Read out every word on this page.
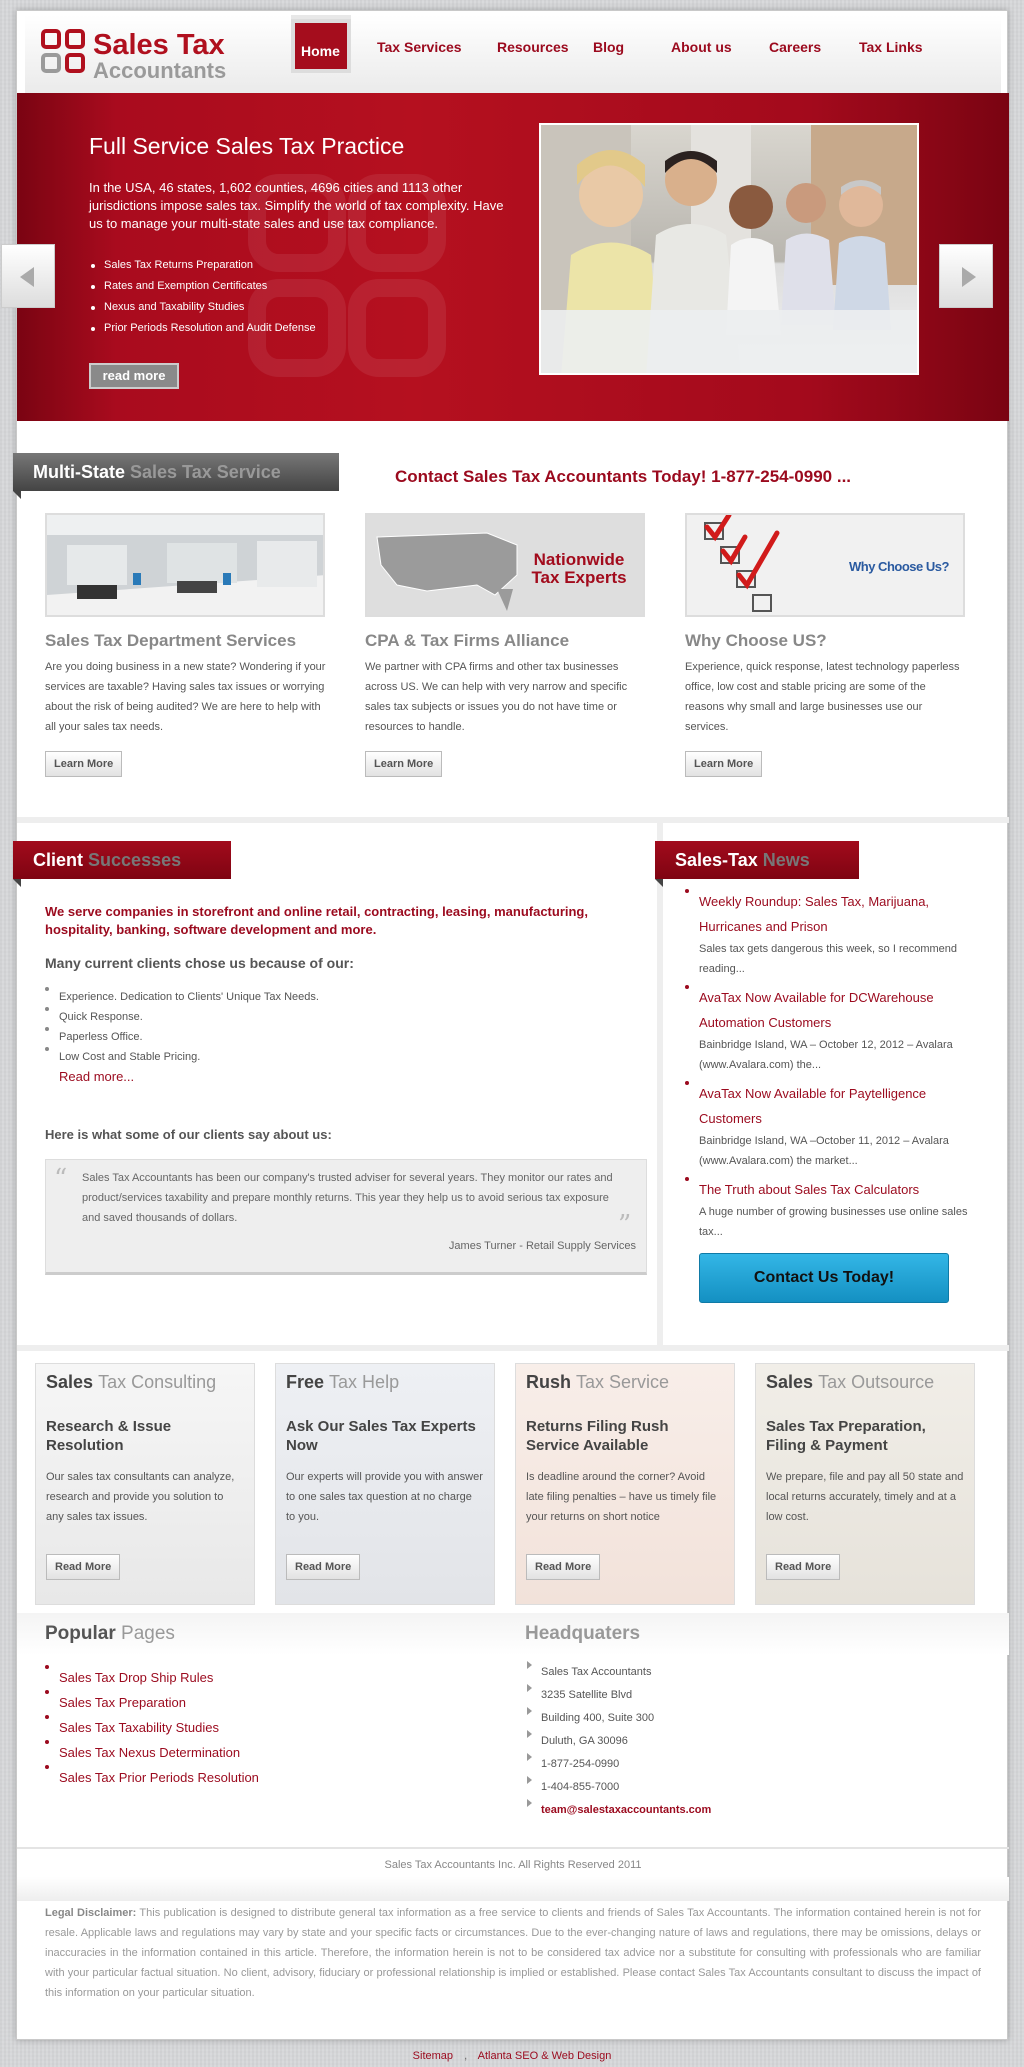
Sales Tax
Accountants
Home	Tax Services	Resources Blog	About us	Careers	Tax Links
Full Service Sales Tax Practice

In the USA, 46 states, 1,602 counties, 4696 cities and 1113 other jurisdictions impose sales tax. Simplify the world of tax complexity. Have us to manage your multi-state sales and use tax compliance.

Sales Tax Returns Preparation
Rates and Exemption Certificates
Nexus and Taxability Studies
Prior Periods Resolution and Audit Defense
read more
Multi-State Sales Tax Service	Contact Sales Tax Accountants Today! 1-877-254-0990 ...
Sales Tax Department Services

Are you doing business in a new state? Wondering if your services are taxable? Having sales tax issues or worrying about the risk of being audited? We are here to help with all your sales tax needs.

Learn More
Nationwide
Tax Experts
CPA & Tax Firms Alliance

We partner with CPA firms and other tax businesses across US. We can help with very narrow and specific sales tax subjects or issues you do not have time or resources to handle.

Learn More
Why Choose Us?
Why Choose US?

Experience, quick response, latest technology paperless office, low cost and stable pricing are some of the reasons why small and large businesses use our services.

Learn More
Client Successes
We serve companies in storefront and online retail, contracting, leasing, manufacturing, hospitality, banking, software development and more.
Many current clients chose us because of our:
Experience. Dedication to Clients' Unique Tax Needs.
Quick Response.
Paperless Office.
Low Cost and Stable Pricing.
Read more...
Here is what some of our clients say about us:
“ Sales Tax Accountants has been our company's trusted adviser for several years. They monitor our rates and product/services taxability and prepare monthly returns. This year they help us to avoid serious tax exposure and saved thousands of dollars.	”
James Turner - Retail Supply Services
Sales-Tax News
Weekly Roundup: Sales Tax, Marijuana, Hurricanes and Prison
Sales tax gets dangerous this week, so I recommend reading...
AvaTax Now Available for DCWarehouse Automation Customers
Bainbridge Island, WA – October 12, 2012 – Avalara (www.Avalara.com) the...
AvaTax Now Available for Paytelligence Customers
Bainbridge Island, WA –October 11, 2012 – Avalara (www.Avalara.com) the market...
The Truth about Sales Tax Calculators
A huge number of growing businesses use online sales tax...
Contact Us Today!
Sales Tax Consulting
Research & Issue Resolution

Our sales tax consultants can analyze, research and provide you solution to any sales tax issues.

Read More
Free Tax Help
Ask Our Sales Tax Experts Now

Our experts will provide you with answer to one sales tax question at no charge to you.

Read More
Rush Tax Service
Returns Filing Rush Service Available

Is deadline around the corner? Avoid late filing penalties – have us timely file your returns on short notice

Read More
Sales Tax Outsource
Sales Tax Preparation, Filing & Payment

We prepare, file and pay all 50 state and local returns accurately, timely and at a low cost.

Read More
Popular Pages
Sales Tax Drop Ship Rules
Sales Tax Preparation
Sales Tax Taxability Studies
Sales Tax Nexus Determination
Sales Tax Prior Periods Resolution
Headquaters
Sales Tax Accountants
3235 Satellite Blvd
Building 400, Suite 300
Duluth, GA 30096
1-877-254-0990
1-404-855-7000
team@salestaxaccountants.com
Sales Tax Accountants Inc. All Rights Reserved 2011
Legal Disclaimer: This publication is designed to distribute general tax information as a free service to clients and friends of Sales Tax Accountants. The information contained herein is not for resale. Applicable laws and regulations may vary by state and your specific facts or circumstances. Due to the ever-changing nature of laws and regulations, there may be omissions, delays or inaccuracies in the information contained in this article. Therefore, the information herein is not to be considered tax advice nor a substitute for consulting with professionals who are familiar with your particular factual situation. No client, advisory, fiduciary or professional relationship is implied or established. Please contact Sales Tax Accountants consultant to discuss the impact of this information on your particular situation.
Sitemap , Atlanta SEO & Web Design
